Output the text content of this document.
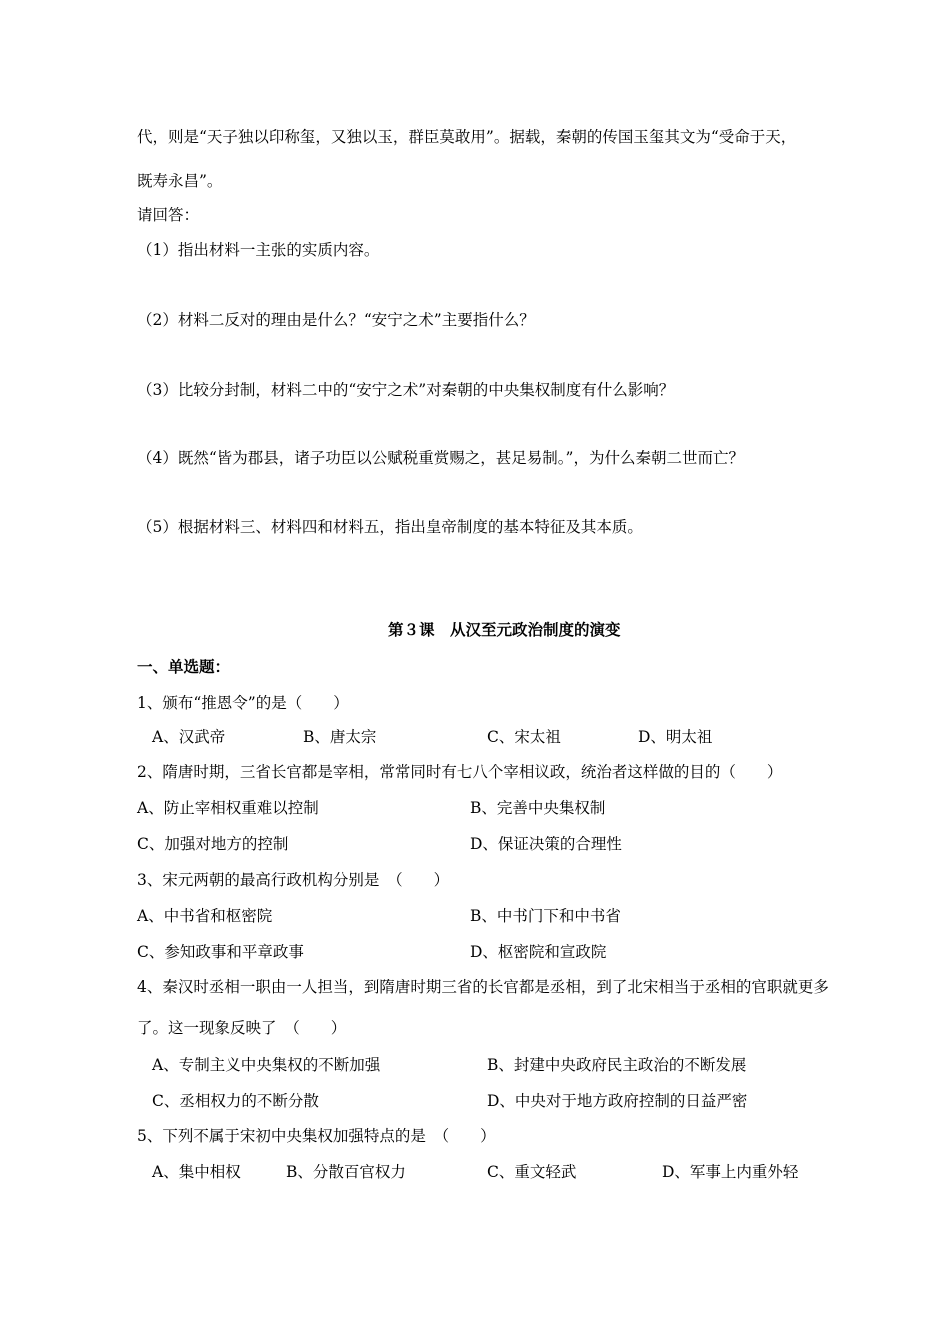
代，则是“天子独以印称玺，又独以玉，群臣莫敢用”。据载，秦朝的传国玉玺其文为“受命于天，
既寿永昌”。
请回答：
（1）指出材料一主张的实质内容。
（2）材料二反对的理由是什么？“安宁之术”主要指什么？
（3）比较分封制，材料二中的“安宁之术”对秦朝的中央集权制度有什么影响？
（4）既然“皆为郡县，诸子功臣以公赋税重赏赐之，甚足易制。”，为什么秦朝二世而亡？
（5）根据材料三、材料四和材料五，指出皇帝制度的基本特征及其本质。
第３课　从汉至元政治制度的演变
一、单选题：
1、颁布“推恩令”的是（　　）
A、汉武帝	B、唐太宗	C、宋太祖	D、明太祖
2、隋唐时期，三省长官都是宰相，常常同时有七八个宰相议政，统治者这样做的目的（　　）
A、防止宰相权重难以控制	B、完善中央集权制
C、加强对地方的控制	D、保证决策的合理性
3、宋元两朝的最高行政机构分别是　（　　）
A、中书省和枢密院	B、中书门下和中书省
C、参知政事和平章政事	D、枢密院和宣政院
4、秦汉时丞相一职由一人担当，到隋唐时期三省的长官都是丞相，到了北宋相当于丞相的官职就更多
了。这一现象反映了　（　　）
A、专制主义中央集权的不断加强	B、封建中央政府民主政治的不断发展
C、丞相权力的不断分散	D、中央对于地方政府控制的日益严密
5、下列不属于宋初中央集权加强特点的是　（　　）
A、集中相权	B、分散百官权力	C、重文轻武	D、军事上内重外轻
